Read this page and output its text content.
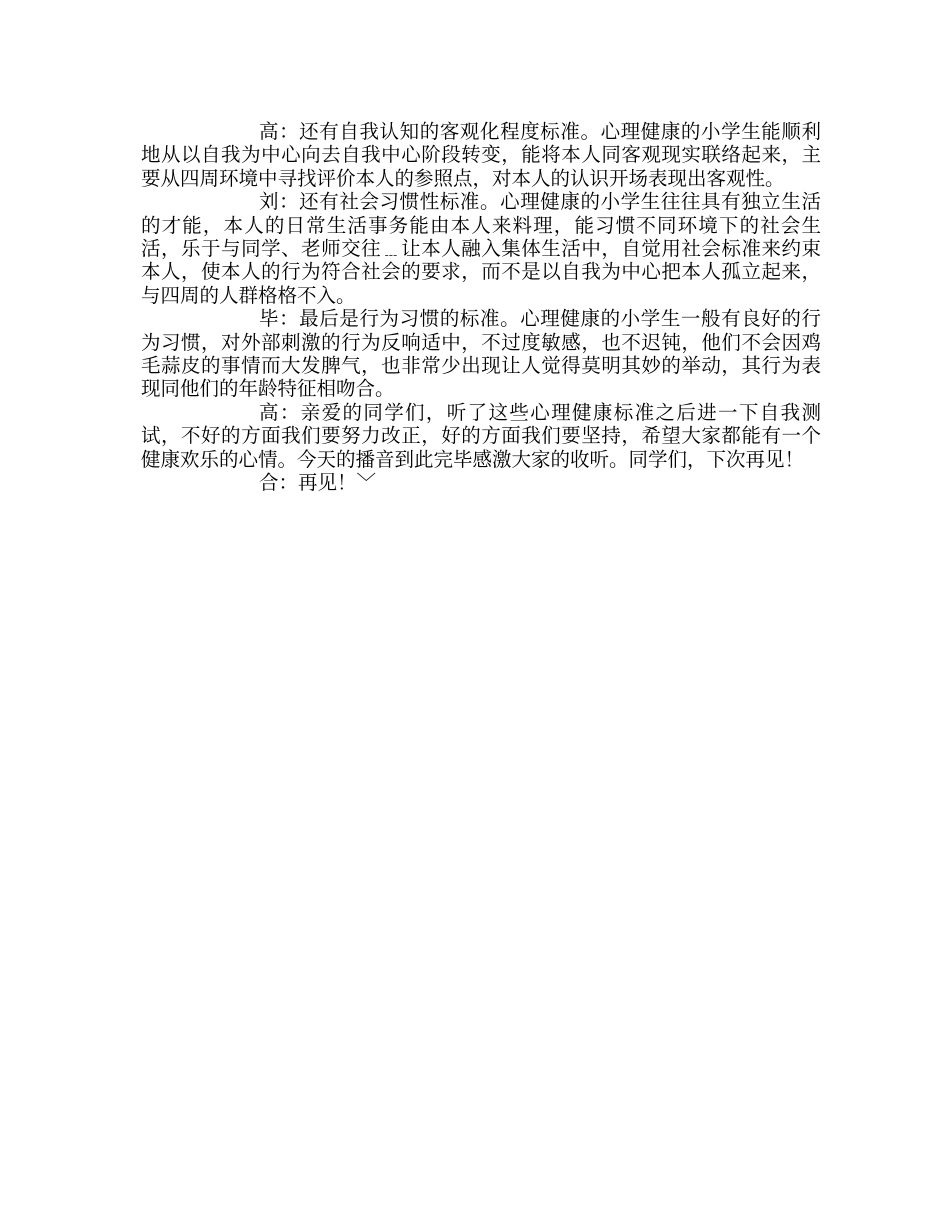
高：还有自我认知的客观化程度标准。心理健康的小学生能顺利地从以自我为中心向去自我中心阶段转变，能将本人同客观现实联络起来，主要从四周环境中寻找评价本人的参照点，对本人的认识开场表现出客观性。

刘：还有社会习惯性标准。心理健康的小学生往往具有独立生活的才能，本人的日常生活事务能由本人来料理，能习惯不同环境下的社会生活，乐于与同学、老师交往﹍让本人融入集体生活中，自觉用社会标准来约束本人，使本人的行为符合社会的要求，而不是以自我为中心把本人孤立起来，与四周的人群格格不入。

毕：最后是行为习惯的标准。心理健康的小学生一般有良好的行为习惯，对外部刺激的行为反响适中，不过度敏感，也不迟钝，他们不会因鸡毛蒜皮的事情而大发脾气，也非常少出现让人觉得莫明其妙的举动，其行为表现同他们的年龄特征相吻合。

高：亲爱的同学们，听了这些心理健康标准之后进一下自我测试，不好的方面我们要努力改正，好的方面我们要坚持，希望大家都能有一个健康欢乐的心情。今天的播音到此完毕感激大家的收听。同学们，下次再见！

合：再见！﹀
